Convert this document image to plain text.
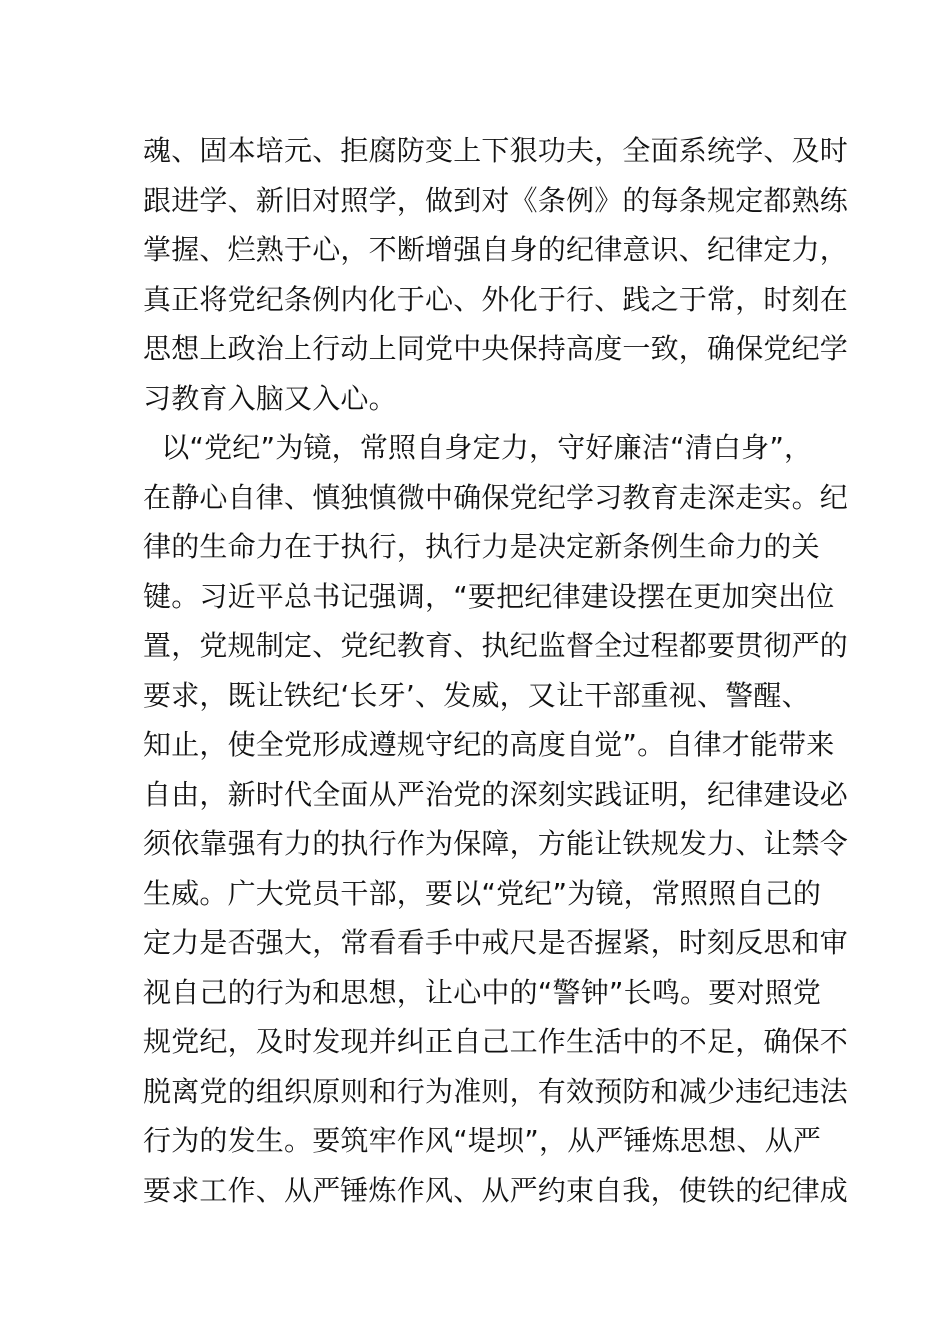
魂、固本培元、拒腐防变上下狠功夫，全面系统学、及时
跟进学、新旧对照学，做到对《条例》的每条规定都熟练
掌握、烂熟于心，不断增强自身的纪律意识、纪律定力，
真正将党纪条例内化于心、外化于行、践之于常，时刻在
思想上政治上行动上同党中央保持高度一致，确保党纪学
习教育入脑又入心。
以“党纪”为镜，常照自身定力，守好廉洁“清白身”，
在静心自律、慎独慎微中确保党纪学习教育走深走实。纪
律的生命力在于执行，执行力是决定新条例生命力的关
键。习近平总书记强调，“要把纪律建设摆在更加突出位
置，党规制定、党纪教育、执纪监督全过程都要贯彻严的
要求，既让铁纪‘长牙’、发威，又让干部重视、警醒、
知止，使全党形成遵规守纪的高度自觉”。自律才能带来
自由，新时代全面从严治党的深刻实践证明，纪律建设必
须依靠强有力的执行作为保障，方能让铁规发力、让禁令
生威。广大党员干部，要以“党纪”为镜，常照照自己的
定力是否强大，常看看手中戒尺是否握紧，时刻反思和审
视自己的行为和思想，让心中的“警钟”长鸣。要对照党
规党纪，及时发现并纠正自己工作生活中的不足，确保不
脱离党的组织原则和行为准则，有效预防和减少违纪违法
行为的发生。要筑牢作风“堤坝”，从严锤炼思想、从严
要求工作、从严锤炼作风、从严约束自我，使铁的纪律成
